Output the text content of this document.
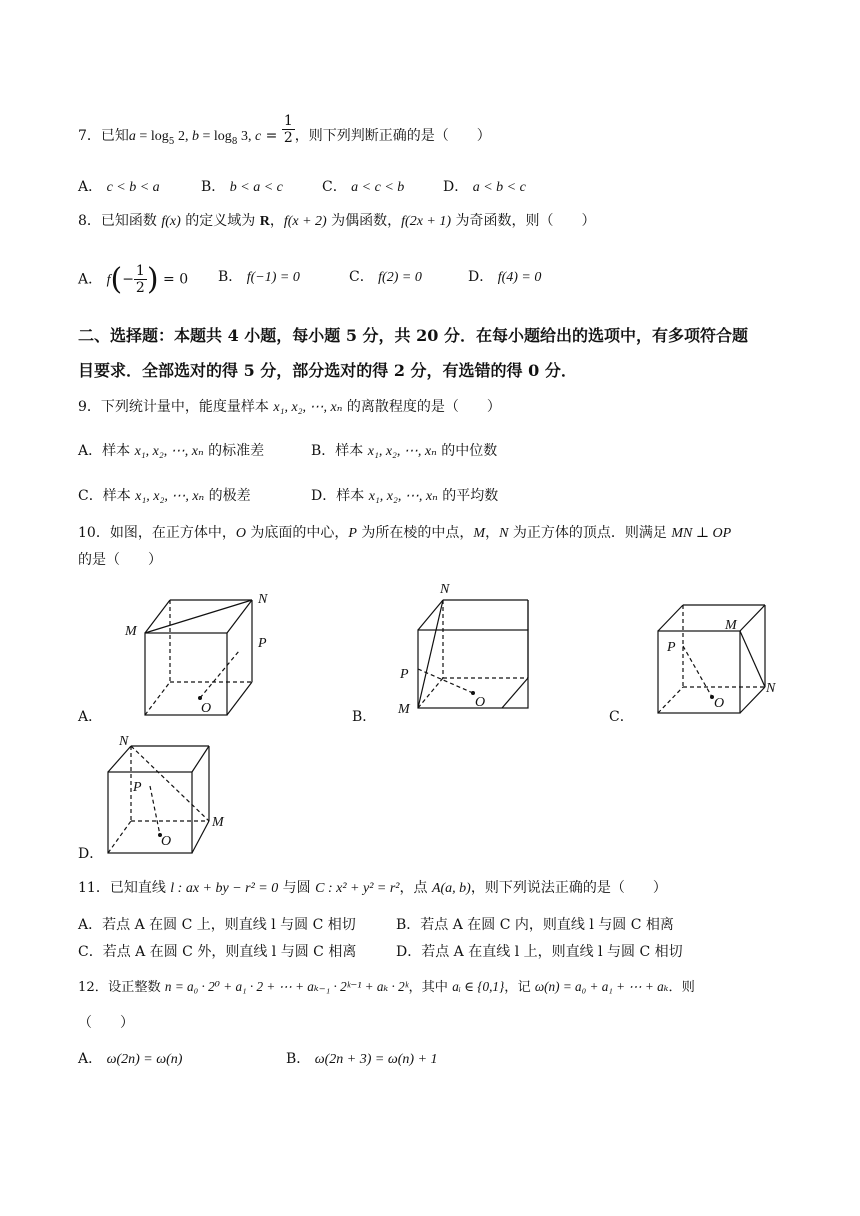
7．已知$a = \log_5 2$, $b = \log_8 3$, $c = \frac{1}{2}$ ，则下列判断正确的是（　　）
A． c < b < a	B． b < a < c	C． a < c < b	D． a < b < c
8．已知函数 f(x) 的定义域为 R，f(x + 2) 为偶函数，f(2x + 1) 为奇函数，则（　　）
A． $f(- \frac{1}{2}$ ) = 0 B． f(−1) = 0	C． f(2) = 0	D． f(4) = 0
二、选择题：本题共 4 小题，每小题 5 分，共 20 分．在每小题给出的选项中，有多项符合题
目要求．全部选对的得 5 分，部分选对的得 2 分，有选错的得 0 分．
9．下列统计量中，能度量样本 x₁, x₂, ⋯, xₙ 的离散程度的是（　　）
A．样本 x₁, x₂, ⋯, xₙ 的标准差	B．样本 x₁, x₂, ⋯, xₙ 的中位数
C．样本 x₁, x₂, ⋯, xₙ 的极差	D．样本 x₁, x₂, ⋯, xₙ 的平均数
10．如图，在正方体中，O 为底面的中心，P 为所在棱的中点，M，N 为正方体的顶点．则满足 MN ⊥ OP
的是（　　）
A．
M
N
P
O
B．
N
P
M	O
C．
M
P
N
O
D．
N
P
M
O
11．已知直线 l : ax + by − r² = 0 与圆 C : x² + y² = r²，点 A(a, b)，则下列说法正确的是（　　）
A．若点 A 在圆 C 上，则直线 l 与圆 C 相切	B．若点 A 在圆 C 内，则直线 l 与圆 C 相离
C．若点 A 在圆 C 外，则直线 l 与圆 C 相离	D．若点 A 在直线 l 上，则直线 l 与圆 C 相切
12．设正整数 n = a₀ · 2⁰ + a₁ · 2 + ⋯ + aₖ₋₁ · 2ᵏ⁻¹ + aₖ · 2ᵏ，其中 aᵢ ∈ {0,1}，记 ω(n) = a₀ + a₁ + ⋯ + aₖ．则
（　　）
A． ω(2n) = ω(n)	B． ω(2n + 3) = ω(n) + 1
